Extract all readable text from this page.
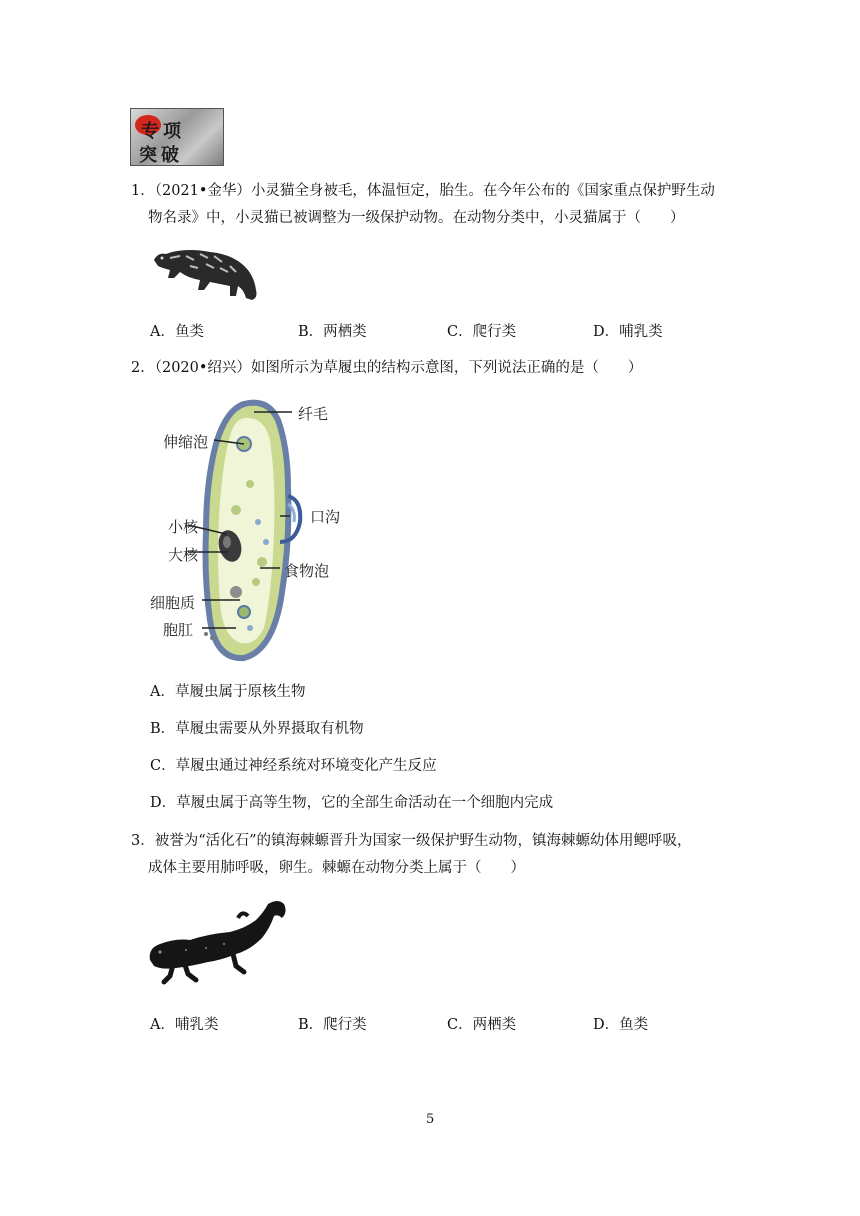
专项
突破
1．（2021•金华）小灵猫全身被毛，体温恒定，胎生。在今年公布的《国家重点保护野生动
物名录》中，小灵猫已被调整为一级保护动物。在动物分类中，小灵猫属于（　　）
A．鱼类	B．两栖类	C．爬行类	D．哺乳类
2．（2020•绍兴）如图所示为草履虫的结构示意图，下列说法正确的是（　　）
纤毛
伸缩泡
口沟
小核
大核
食物泡
细胞质
胞肛
A．草履虫属于原核生物
B．草履虫需要从外界摄取有机物
C．草履虫通过神经系统对环境变化产生反应
D．草履虫属于高等生物，它的全部生命活动在一个细胞内完成
3．被誉为“活化石”的镇海棘螈晋升为国家一级保护野生动物，镇海棘螈幼体用鳃呼吸，
成体主要用肺呼吸，卵生。棘螈在动物分类上属于（　　）
A．哺乳类	B．爬行类	C．两栖类	D．鱼类
5
